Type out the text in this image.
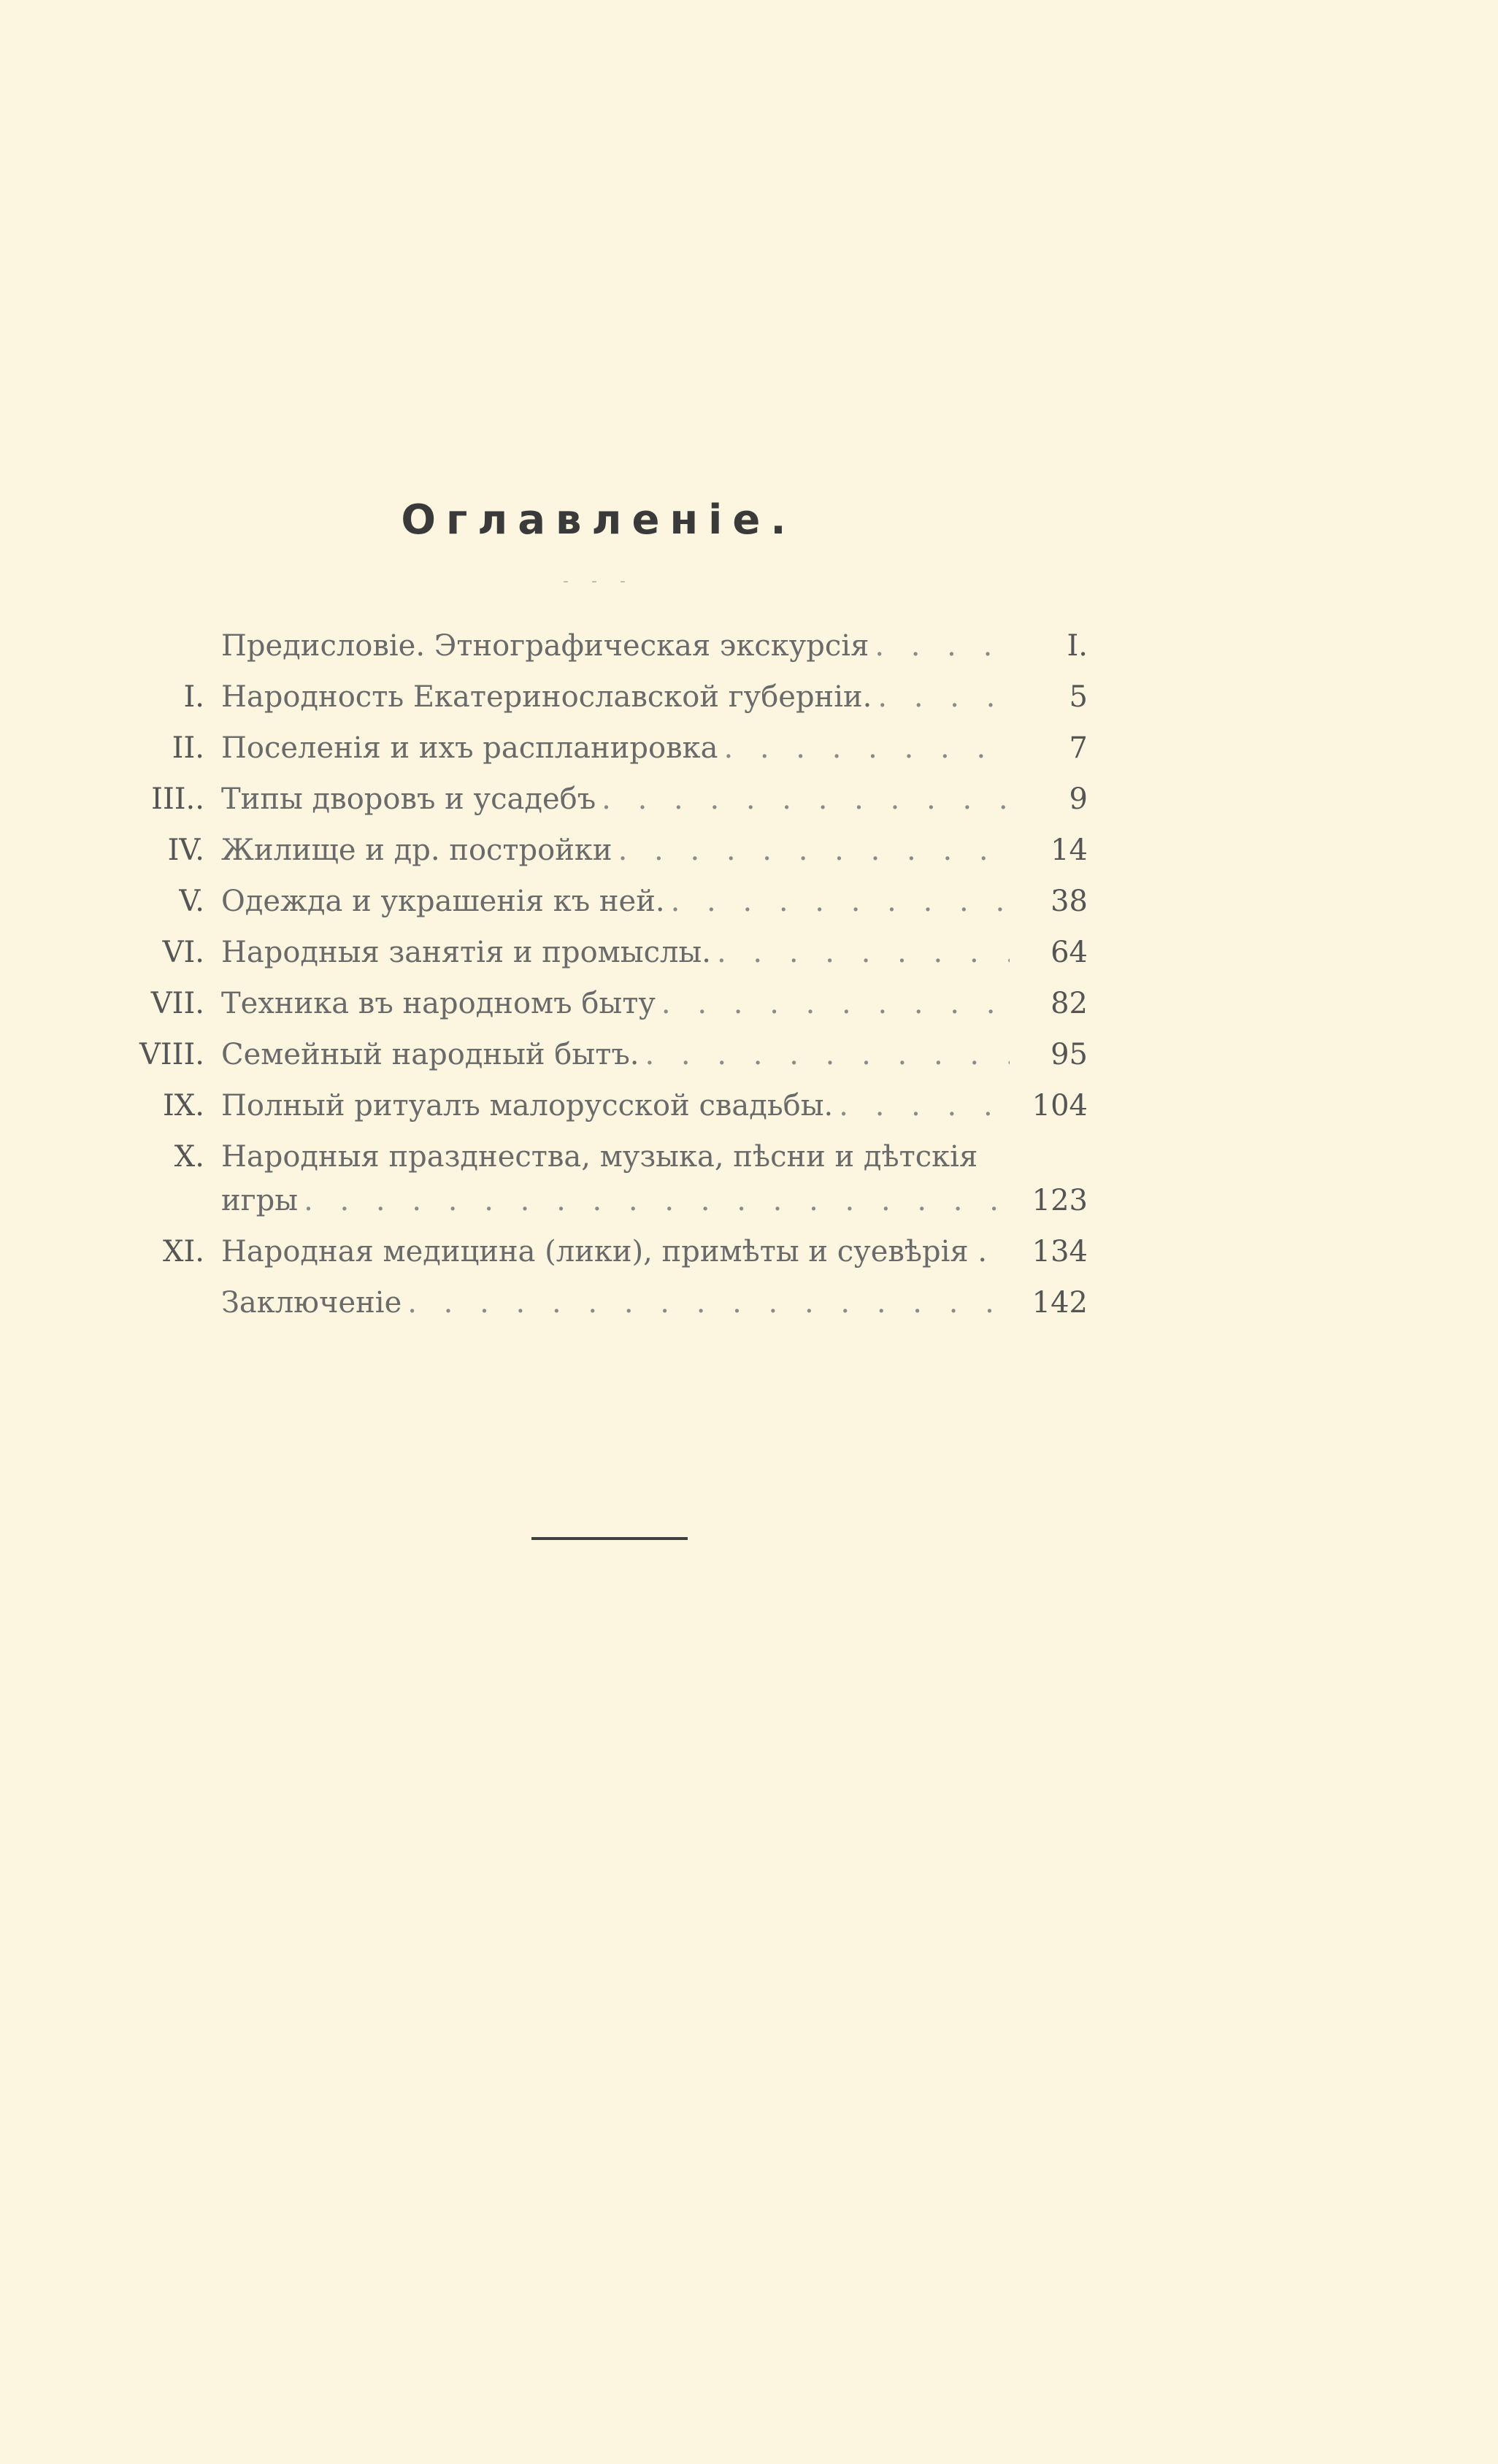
Оглавленіе.
- - -
Предисловіе. Этнографическая экскурсія . . .	I.
I. Народность Екатеринославской губерніи. . . .	5
II. Поселенія и ихъ распланировка . . .	7
III.. Типы дворовъ и усадебъ . . .	9
IV. Жилище и др. постройки . . .	14
V. Одежда и украшенія къ ней. . . .	38
VI. Народныя занятія и промыслы. . . .	64
VII. Техника въ народномъ быту . . .	82
VIII. Семейный народный бытъ. . . .	95
IX. Полный ритуалъ малорусской свадьбы. . . .	104
X. Народныя празднества, музыка, пѣсни и дѣтскія
игры . . .	123
XI. Народная медицина (лики), примѣты и суевѣрія .	134
Заключеніе . . .	142
